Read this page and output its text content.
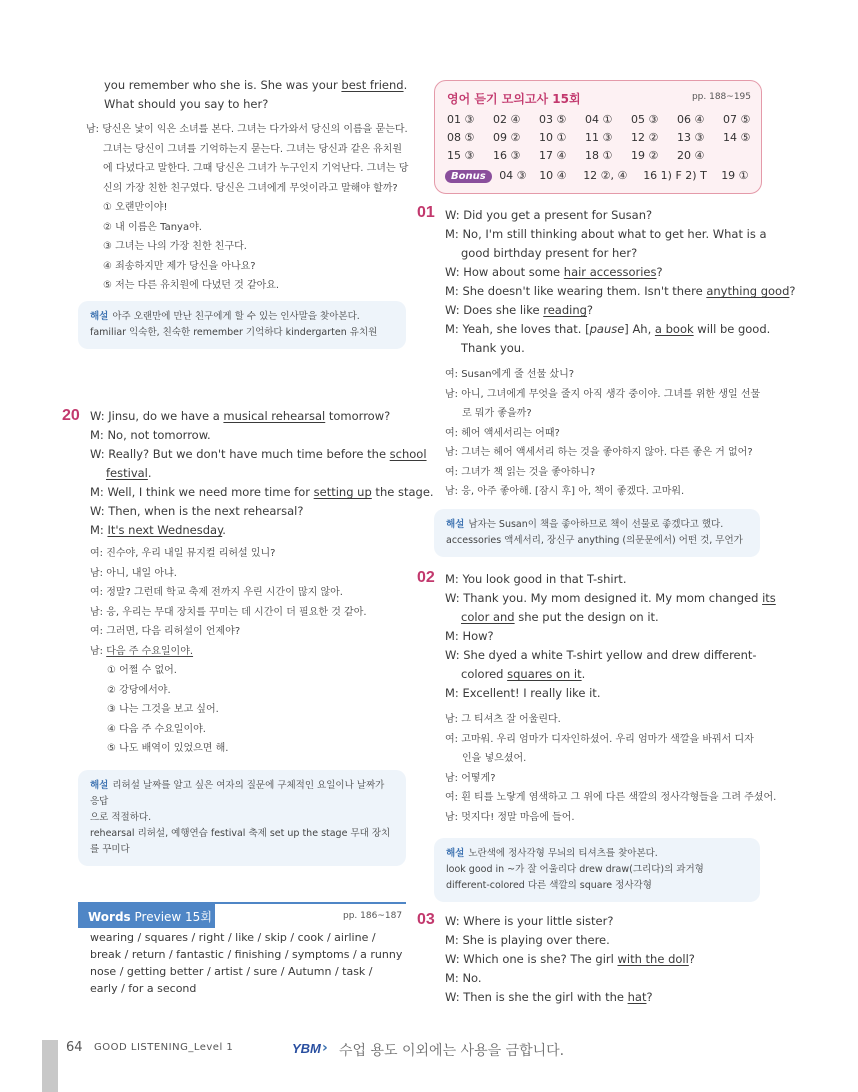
you remember who she is. She was your best friend.
What should you say to her?
남: 당신은 낯이 익은 소녀를 본다. 그녀는 다가와서 당신의 이름을 묻는다.
그녀는 당신이 그녀를 기억하는지 묻는다. 그녀는 당신과 같은 유치원
에 다녔다고 말한다. 그때 당신은 그녀가 누구인지 기억난다. 그녀는 당
신의 가장 친한 친구였다. 당신은 그녀에게 무엇이라고 말해야 할까?
① 오랜만이야!
② 내 이름은 Tanya야.
③ 그녀는 나의 가장 친한 친구다.
④ 죄송하지만 제가 당신을 아나요?
⑤ 저는 다른 유치원에 다녔던 것 같아요.
해설 아주 오랜만에 만난 친구에게 할 수 있는 인사말을 찾아본다.
familiar 익숙한, 친숙한 remember 기억하다 kindergarten 유치원
20 W: Jinsu, do we have a musical rehearsal tomorrow?
M: No, not tomorrow.
W: Really? But we don't have much time before the school
festival.
M: Well, I think we need more time for setting up the stage.
W: Then, when is the next rehearsal?
M: It's next Wednesday.
여: 진수야, 우리 내일 뮤지컬 리허설 있니?
남: 아니, 내일 아냐.
여: 정말? 그런데 학교 축제 전까지 우린 시간이 많지 않아.
남: 응, 우리는 무대 장치를 꾸미는 데 시간이 더 필요한 것 같아.
여: 그러면, 다음 리허설이 언제야?
남: 다음 주 수요일이야.
① 어쩔 수 없어.
② 강당에서야.
③ 나는 그것을 보고 싶어.
④ 다음 주 수요일이야.
⑤ 나도 배역이 있었으면 해.
해설 리허설 날짜를 알고 싶은 여자의 질문에 구체적인 요일이나 날짜가 응답
으로 적절하다.
rehearsal 리허설, 예행연습 festival 축제 set up the stage 무대 장치
를 꾸미다
Words Preview 15회	pp. 186~187
wearing / squares / right / like / skip / cook / airline /
break / return / fantastic / finishing / symptoms / a runny
nose / getting better / artist / sure / Autumn / task /
early / for a second
영어 듣기 모의고사 15회	pp. 188~195
01 ③ 02 ④ 03 ⑤ 04 ① 05 ③ 06 ④ 07 ⑤
08 ⑤ 09 ② 10 ① 11 ③ 12 ② 13 ③ 14 ⑤
15 ③ 16 ③ 17 ④ 18 ① 19 ② 20 ④
Bonus 04 ③ 10 ④ 12 ②, ④ 16 1) F 2) T 19 ①
01 W: Did you get a present for Susan?
M: No, I'm still thinking about what to get her. What is a
good birthday present for her?
W: How about some hair accessories?
M: She doesn't like wearing them. Isn't there anything good?
W: Does she like reading?
M: Yeah, she loves that. [pause] Ah, a book will be good.
Thank you.
여: Susan에게 줄 선물 샀니?
남: 아니, 그녀에게 무엇을 줄지 아직 생각 중이야. 그녀를 위한 생일 선물
로 뭐가 좋을까?
여: 헤어 액세서리는 어때?
남: 그녀는 헤어 액세서리 하는 것을 좋아하지 않아. 다른 좋은 거 없어?
여: 그녀가 책 읽는 것을 좋아하니?
남: 응, 아주 좋아해. [잠시 후] 아, 책이 좋겠다. 고마워.
해설 남자는 Susan이 책을 좋아하므로 책이 선물로 좋겠다고 했다.
accessories 액세서리, 장신구 anything (의문문에서) 어떤 것, 무언가
02 M: You look good in that T-shirt.
W: Thank you. My mom designed it. My mom changed its
color and she put the design on it.
M: How?
W: She dyed a white T-shirt yellow and drew different-
colored squares on it.
M: Excellent! I really like it.
남: 그 티셔츠 잘 어울린다.
여: 고마워. 우리 엄마가 디자인하셨어. 우리 엄마가 색깔을 바꿔서 디자
인을 넣으셨어.
남: 어떻게?
여: 흰 티를 노랗게 염색하고 그 위에 다른 색깔의 정사각형들을 그려 주셨어.
남: 멋지다! 정말 마음에 들어.
해설 노란색에 정사각형 무늬의 티셔츠를 찾아본다.
look good in ~가 잘 어울리다 drew draw(그리다)의 과거형
different-colored 다른 색깔의 square 정사각형
03 W: Where is your little sister?
M: She is playing over there.
W: Which one is she? The girl with the doll?
M: No.
W: Then is she the girl with the hat?
64 GOOD LISTENING_Level 1	YBM › 수업 용도 이외에는 사용을 금합니다.
